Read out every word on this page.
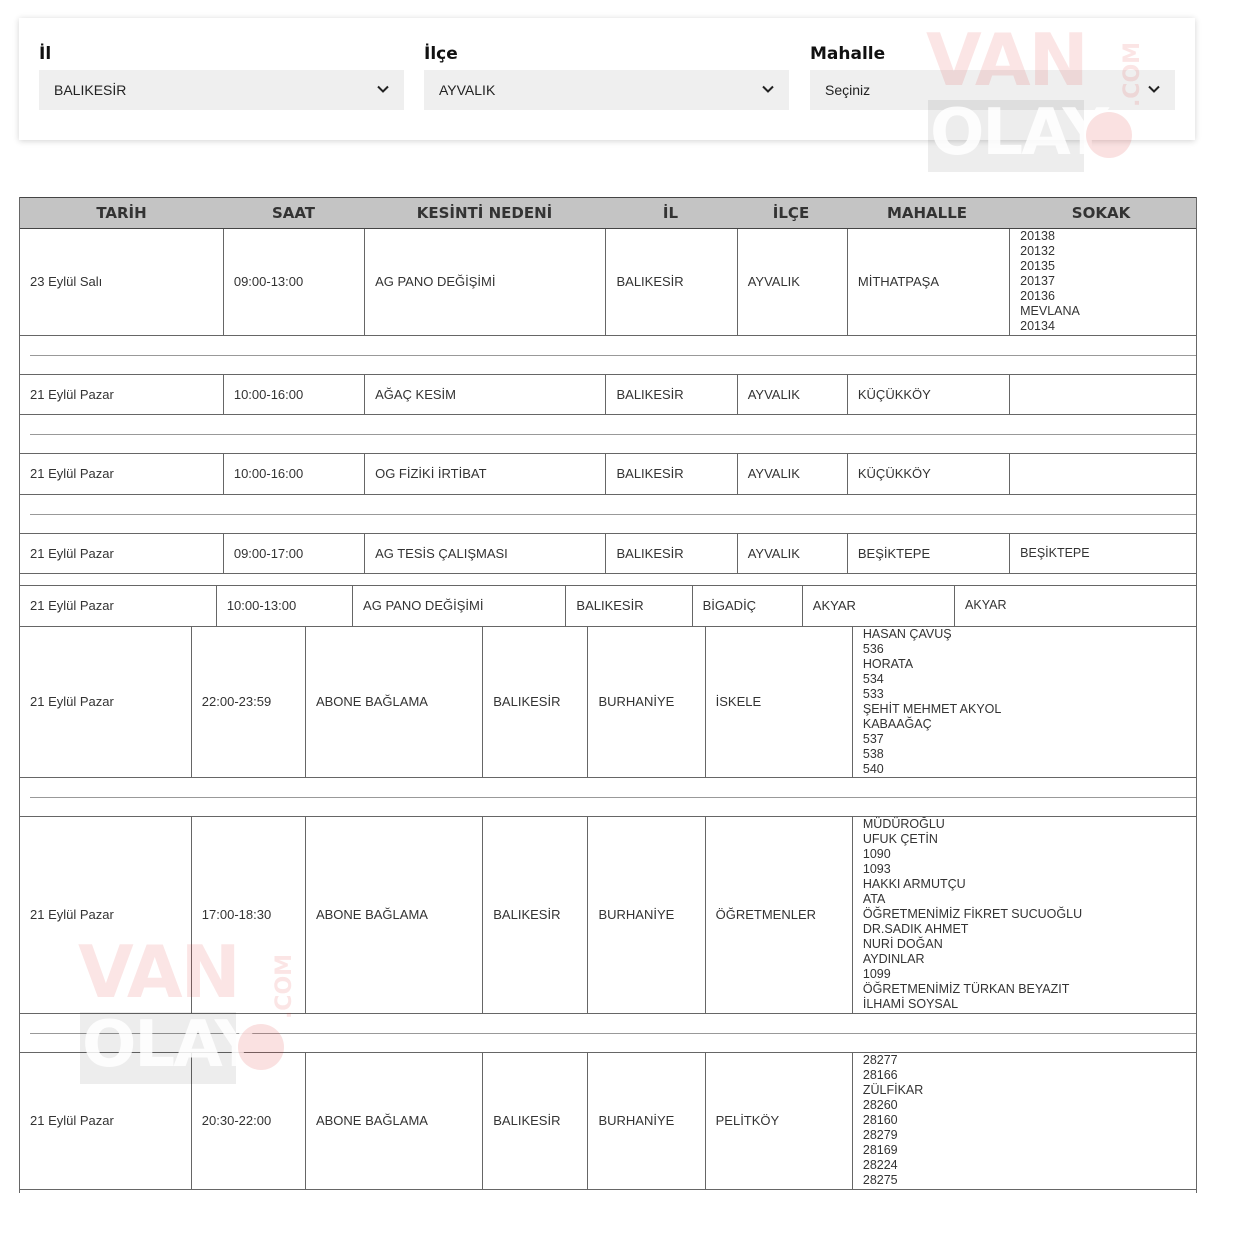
İl
BALIKESİR
İlçe
AYVALIK
Mahalle
Seçiniz
TARİH	SAAT	KESİNTİ NEDENİ	İL	İLÇE	MAHALLE	SOKAK
23 Eylül Salı	09:00-13:00	AG PANO DEĞİŞİMİ	BALIKESİR	AYVALIK	MİTHATPAŞA	
20138
20132
20135
20137
20136
MEVLANA
20134
21 Eylül Pazar	10:00-16:00	AĞAÇ KESİM	BALIKESİR	AYVALIK	KÜÇÜKKÖY	
21 Eylül Pazar	10:00-16:00	OG FİZİKİ İRTİBAT	BALIKESİR	AYVALIK	KÜÇÜKKÖY	
21 Eylül Pazar	09:00-17:00	AG TESİS ÇALIŞMASI	BALIKESİR	AYVALIK	BEŞİKTEPE	BEŞİKTEPE
21 Eylül Pazar	10:00-13:00	AG PANO DEĞİŞİMİ	BALIKESİR	BİGADİÇ	AKYAR	AKYAR
21 Eylül Pazar	22:00-23:59	ABONE BAĞLAMA	BALIKESİR	BURHANİYE	İSKELE	
HASAN ÇAVUŞ
536
HORATA
534
533
ŞEHİT MEHMET AKYOL
KABAAĞAÇ
537
538
540
21 Eylül Pazar	17:00-18:30	ABONE BAĞLAMA	BALIKESİR	BURHANİYE	ÖĞRETMENLER	
MÜDÜROĞLU
UFUK ÇETİN
1090
1093
HAKKI ARMUTÇU
ATA
ÖĞRETMENİMİZ FİKRET SUCUOĞLU
DR.SADIK AHMET
NURİ DOĞAN
AYDINLAR
1099
ÖĞRETMENİMİZ TÜRKAN BEYAZIT
İLHAMİ SOYSAL
21 Eylül Pazar	20:30-22:00	ABONE BAĞLAMA	BALIKESİR	BURHANİYE	PELİTKÖY	
28277
28166
ZÜLFİKAR
28260
28160
28279
28169
28224
28275
OLAY
VAN
OLAY
.COM
